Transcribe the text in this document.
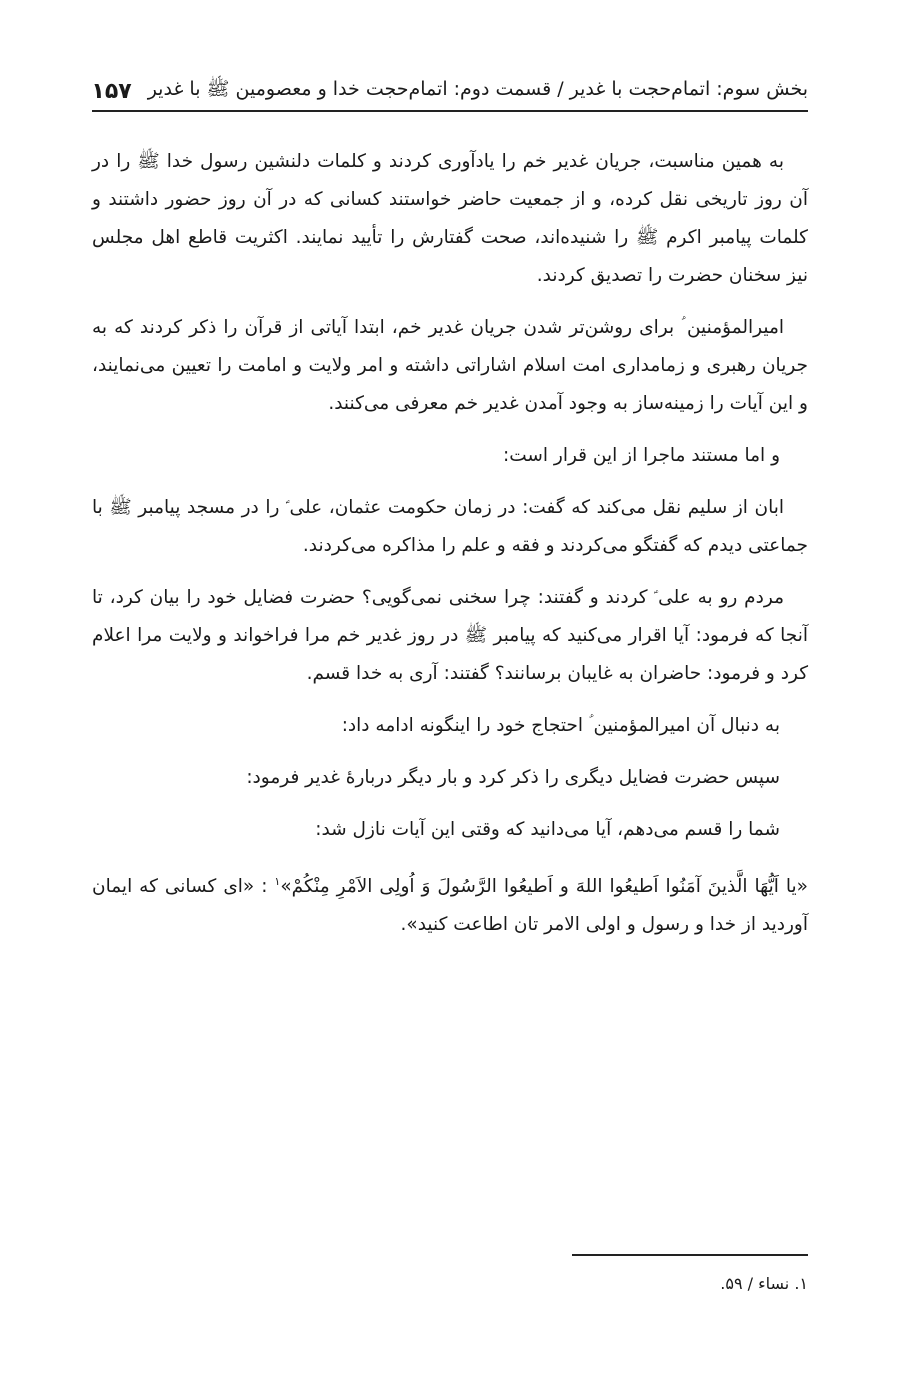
بخش سوم: اتمام‌حجت با غدیر / قسمت دوم: اتمام‌حجت خدا و معصومین ﷺ با غدیر
۱۵۷

به همین مناسبت، جریان غدیر خم را یادآوری کردند و کلمات دلنشین رسول خدا ﷺ را در آن روز تاریخی نقل کرده، و از جمعیت حاضر خواستند کسانی که در آن روز حضور داشتند و کلمات پیامبر اکرم ﷺ را شنیده‌اند، صحت گفتارش را تأیید نمایند. اکثریت قاطع اهل مجلس نیز سخنان حضرت را تصدیق کردند.

امیرالمؤمنین ؑ برای روشن‌تر شدن جریان غدیر خم، ابتدا آیاتی از قرآن را ذکر کردند که به جریان رهبری و زمامداری امت اسلام اشاراتی داشته و امر ولایت و امامت را تعیین می‌نمایند، و این آیات را زمینه‌ساز به وجود آمدن غدیر خم معرفی می‌کنند.

و اما مستند ماجرا از این قرار است:

ابان از سلیم نقل می‌کند که گفت: در زمان حکومت عثمان، علی ؑ را در مسجد پیامبر ﷺ با جماعتی دیدم که گفتگو می‌کردند و فقه و علم را مذاکره می‌کردند.

مردم رو به علی ؑ کردند و گفتند: چرا سخنی نمی‌گویی؟ حضرت فضایل خود را بیان کرد، تا آنجا که فرمود: آیا اقرار می‌کنید که پیامبر ﷺ در روز غدیر خم مرا فراخواند و ولایت مرا اعلام کرد و فرمود: حاضران به غایبان برسانند؟ گفتند: آری به خدا قسم.

به دنبال آن امیرالمؤمنین ؑ احتجاج خود را اینگونه ادامه داد:

سپس حضرت فضایل دیگری را ذکر کرد و بار دیگر دربارهٔ غدیر فرمود:

شما را قسم می‌دهم، آیا می‌دانید که وقتی این آیات نازل شد:

«یا اَیُّهَا الَّذینَ آمَنُوا اَطیعُوا اللهَ و اَطیعُوا الرَّسُولَ وَ اُولِی الاَمْرِ مِنْکُمْ»$^۱$ : «ای کسانی که ایمان آوردید از خدا و رسول و اولی الامر تان اطاعت کنید».

۱. نساء / ۵۹.
